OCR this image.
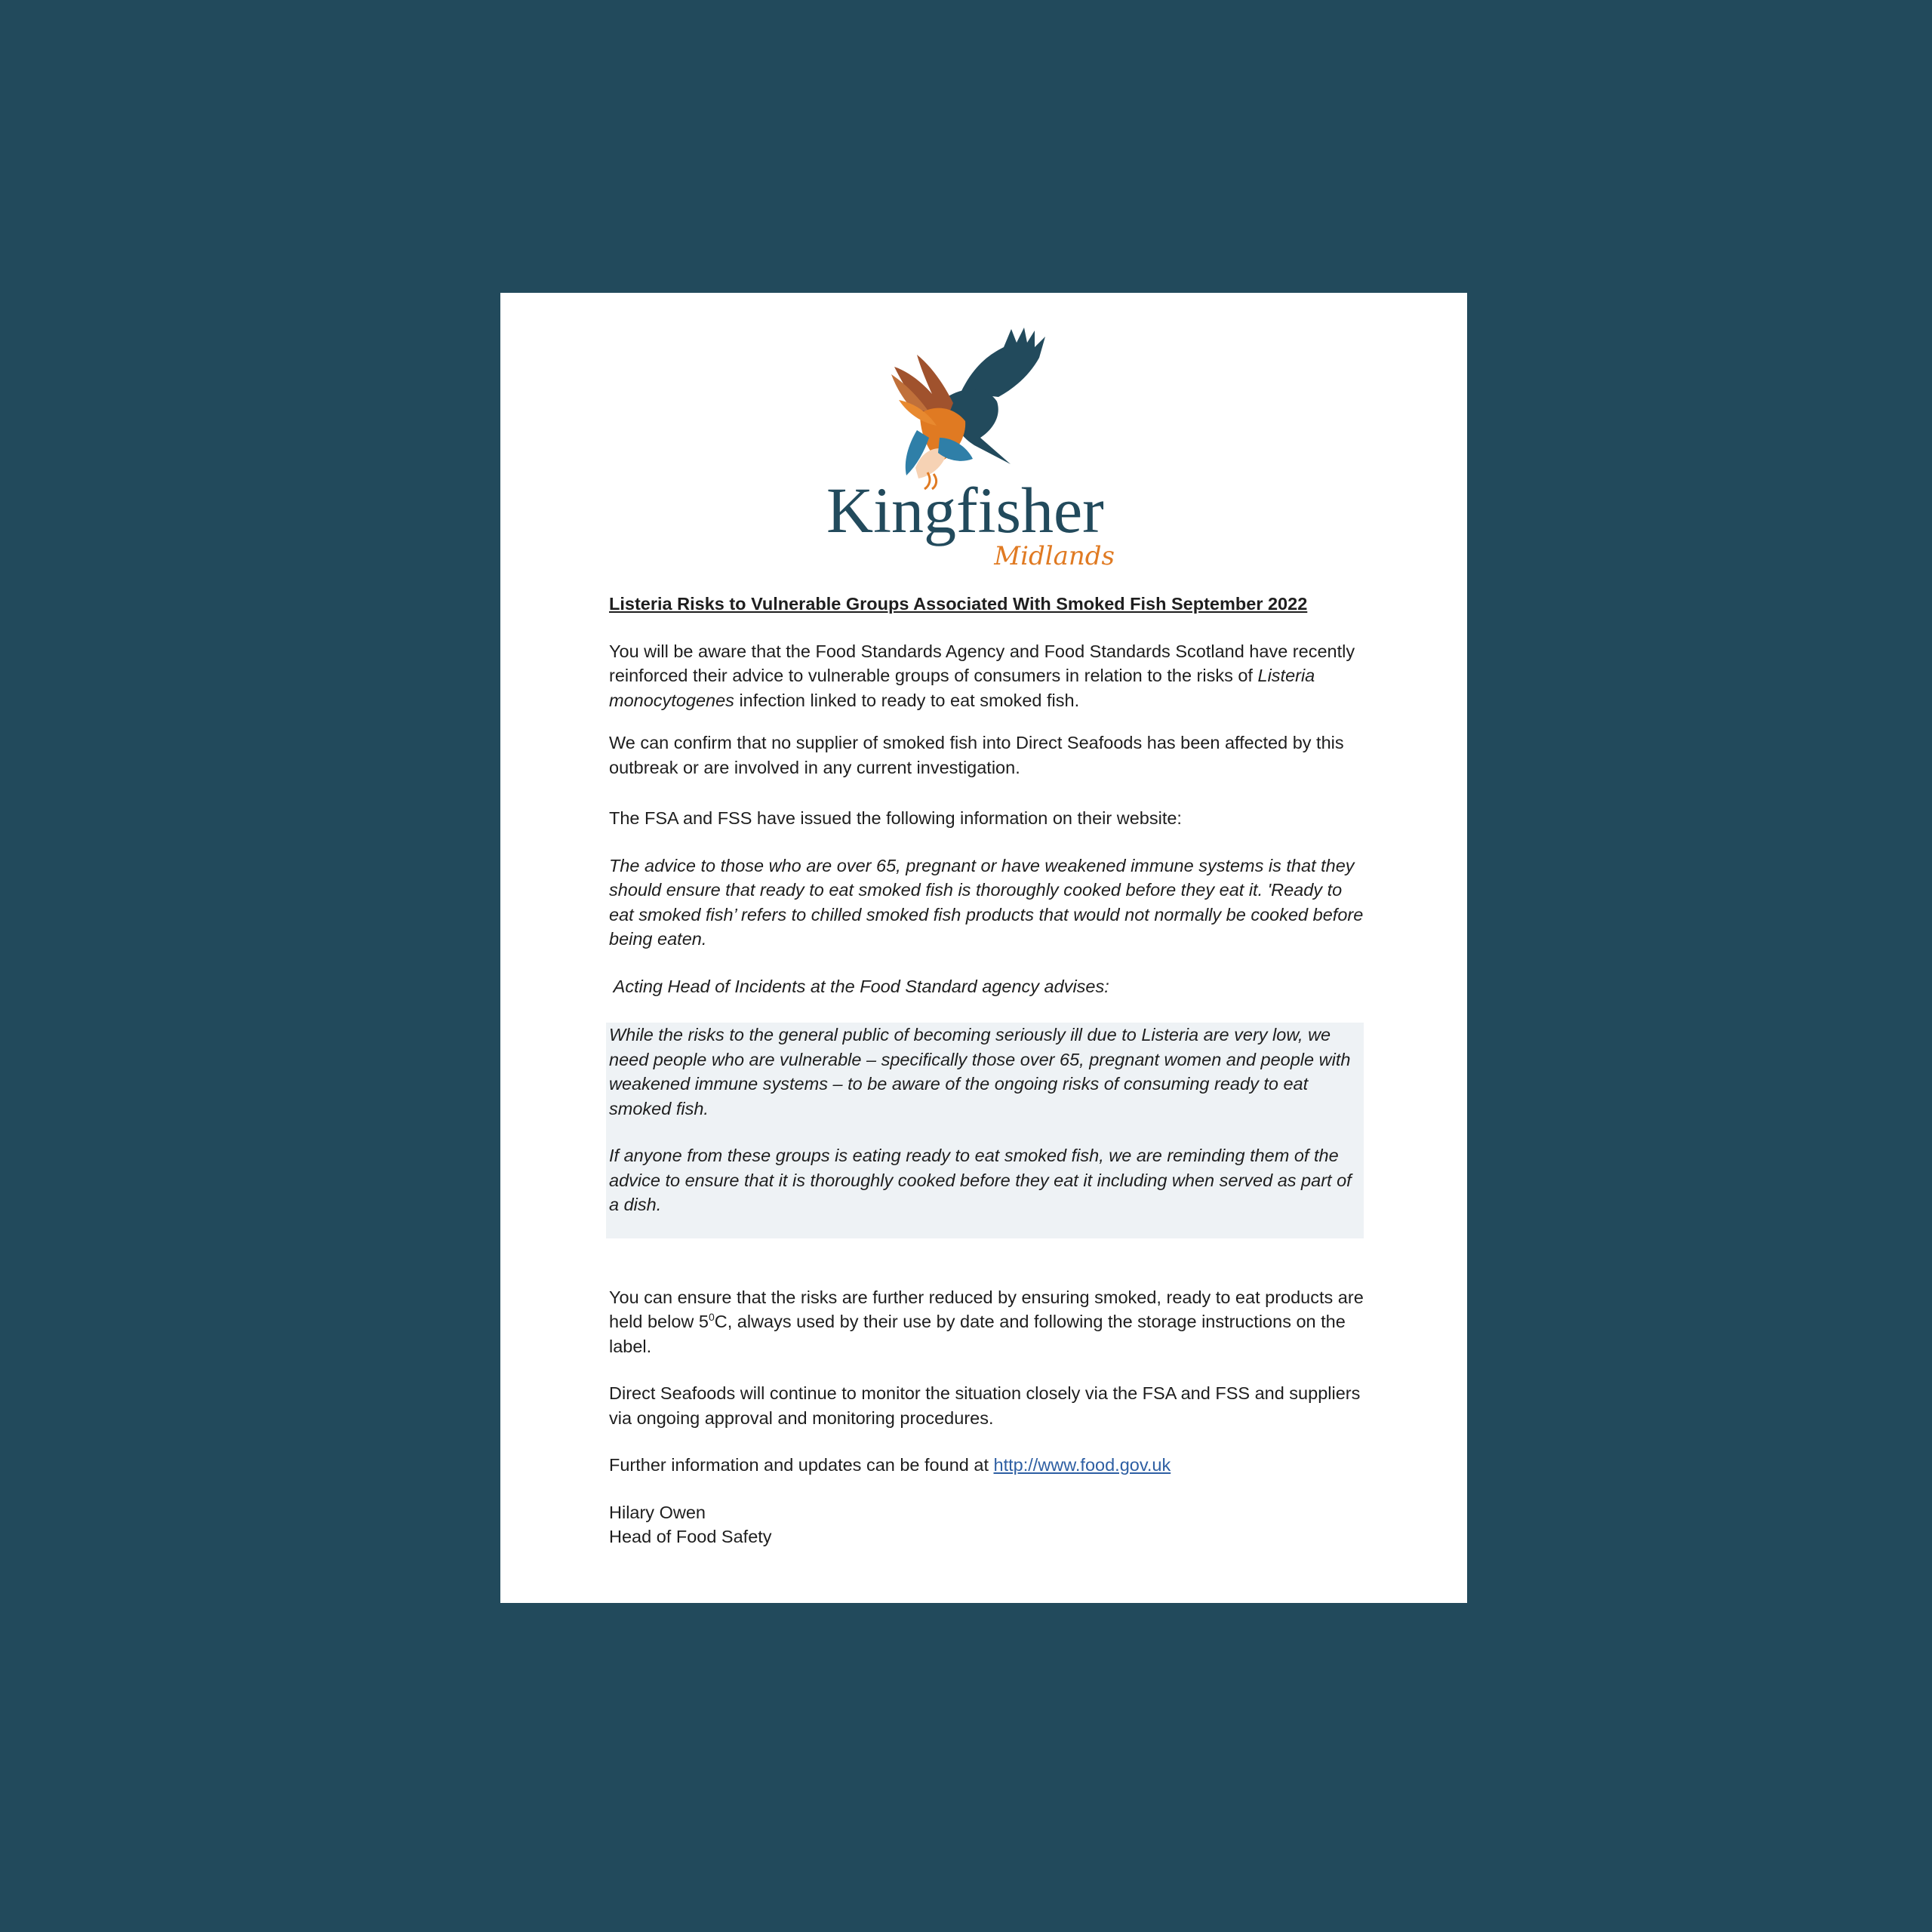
Kingfisher
Midlands

Listeria Risks to Vulnerable Groups Associated With Smoked Fish September 2022

You will be aware that the Food Standards Agency and Food Standards Scotland have recently reinforced their advice to vulnerable groups of consumers in relation to the risks of Listeria monocytogenes infection linked to ready to eat smoked fish.

We can confirm that no supplier of smoked fish into Direct Seafoods has been affected by this outbreak or are involved in any current investigation.

The FSA and FSS have issued the following information on their website:

The advice to those who are over 65, pregnant or have weakened immune systems is that they should ensure that ready to eat smoked fish is thoroughly cooked before they eat it. 'Ready to eat smoked fish’ refers to chilled smoked fish products that would not normally be cooked before being eaten.

Acting Head of Incidents at the Food Standard agency advises:

While the risks to the general public of becoming seriously ill due to Listeria are very low, we need people who are vulnerable – specifically those over 65, pregnant women and people with weakened immune systems – to be aware of the ongoing risks of consuming ready to eat smoked fish.

If anyone from these groups is eating ready to eat smoked fish, we are reminding them of the advice to ensure that it is thoroughly cooked before they eat it including when served as part of a dish.

You can ensure that the risks are further reduced by ensuring smoked, ready to eat products are held below $5^0C$, always used by their use by date and following the storage instructions on the label.

Direct Seafoods will continue to monitor the situation closely via the FSA and FSS and suppliers via ongoing approval and monitoring procedures.

Further information and updates can be found at http://www.food.gov.uk

Hilary Owen

Head of Food Safety
